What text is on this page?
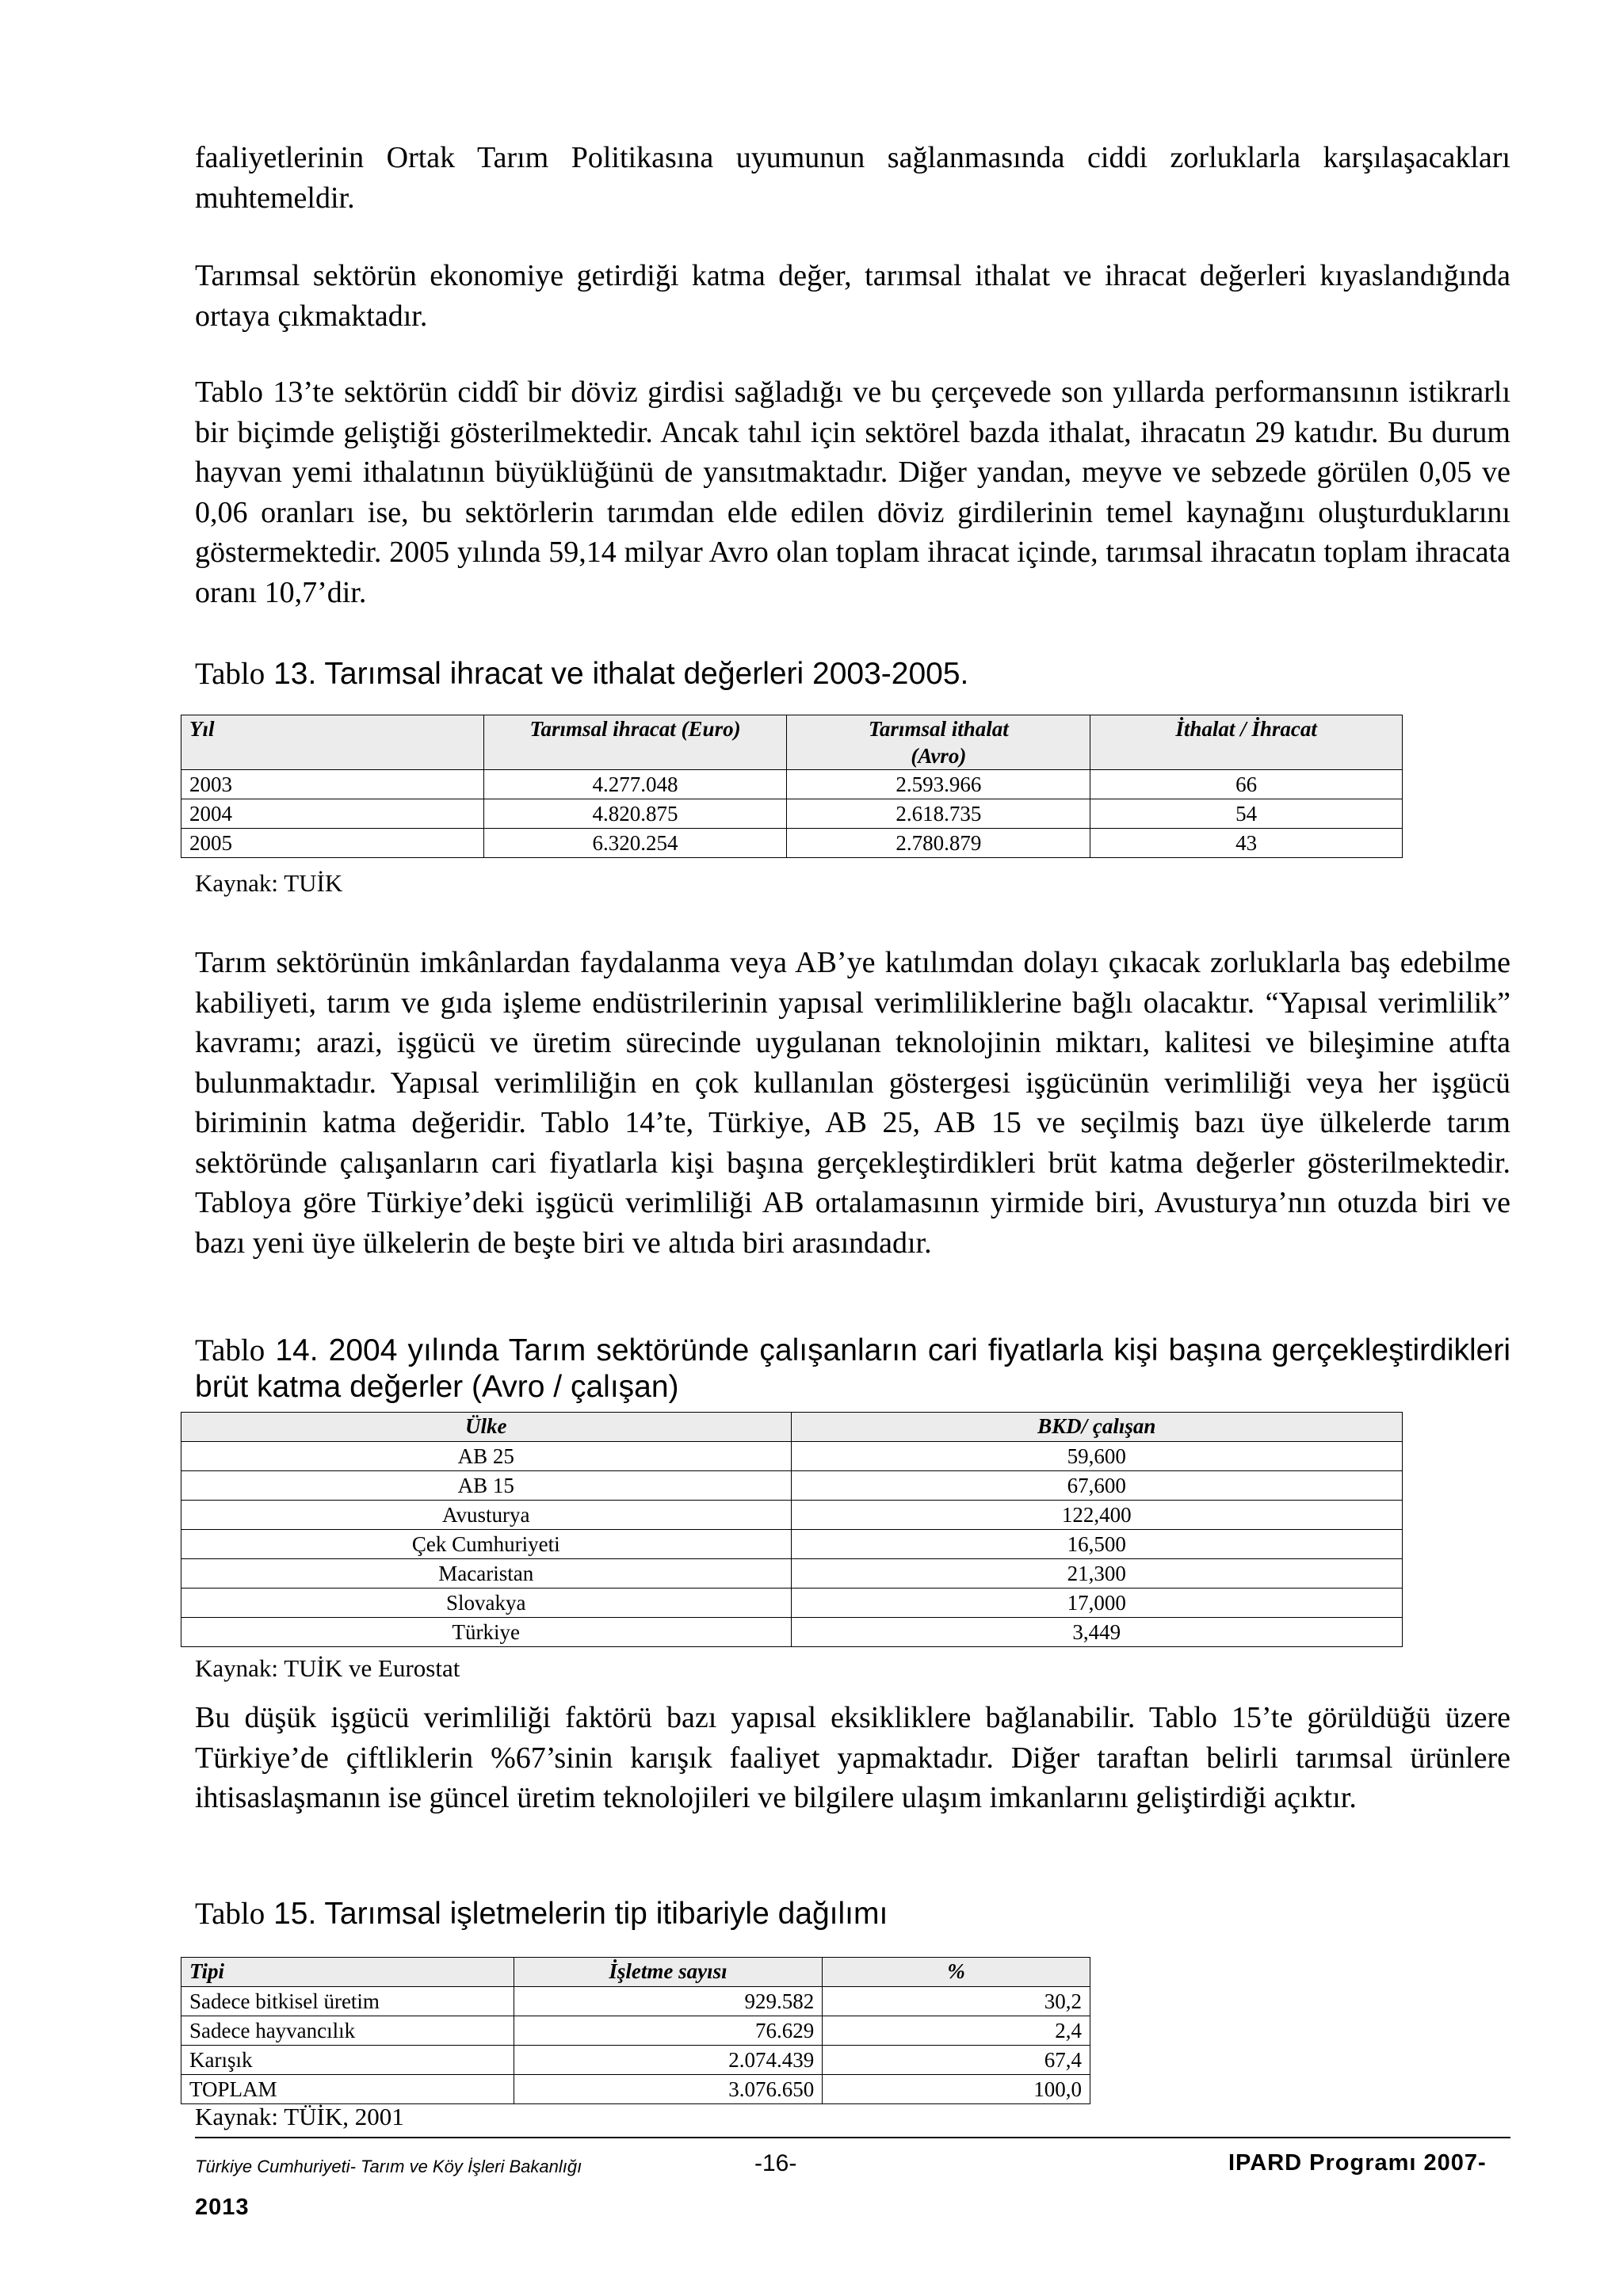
faaliyetlerinin Ortak Tarım Politikasına uyumunun sağlanmasında ciddi zorluklarla karşılaşacakları muhtemeldir.

Tarımsal sektörün ekonomiye getirdiği katma değer, tarımsal ithalat ve ihracat değerleri kıyaslandığında ortaya çıkmaktadır.

Tablo 13’te sektörün ciddî bir döviz girdisi sağladığı ve bu çerçevede son yıllarda performansının istikrarlı bir biçimde geliştiği gösterilmektedir. Ancak tahıl için sektörel bazda ithalat, ihracatın 29 katıdır. Bu durum hayvan yemi ithalatının büyüklüğünü de yansıtmaktadır. Diğer yandan, meyve ve sebzede görülen 0,05 ve 0,06 oranları ise, bu sektörlerin tarımdan elde edilen döviz girdilerinin temel kaynağını oluşturduklarını göstermektedir. 2005 yılında 59,14 milyar Avro olan toplam ihracat içinde, tarımsal ihracatın toplam ihracata oranı 10,7’dir.

Tablo 13. Tarımsal ihracat ve ithalat değerleri 2003-2005.

Yıl	Tarımsal ihracat (Euro)	Tarımsal ithalat (Avro)	İthalat / İhracat
2003	4.277.048	2.593.966	66
2004	4.820.875	2.618.735	54
2005	6.320.254	2.780.879	43

Kaynak: TUİK

Tarım sektörünün imkânlardan faydalanma veya AB’ye katılımdan dolayı çıkacak zorluklarla baş edebilme kabiliyeti, tarım ve gıda işleme endüstrilerinin yapısal verimliliklerine bağlı olacaktır. “Yapısal verimlilik” kavramı; arazi, işgücü ve üretim sürecinde uygulanan teknolojinin miktarı, kalitesi ve bileşimine atıfta bulunmaktadır. Yapısal verimliliğin en çok kullanılan göstergesi işgücünün verimliliği veya her işgücü biriminin katma değeridir. Tablo 14’te, Türkiye, AB 25, AB 15 ve seçilmiş bazı üye ülkelerde tarım sektöründe çalışanların cari fiyatlarla kişi başına gerçekleştirdikleri brüt katma değerler gösterilmektedir. Tabloya göre Türkiye’deki işgücü verimliliği AB ortalamasının yirmide biri, Avusturya’nın otuzda biri ve bazı yeni üye ülkelerin de beşte biri ve altıda biri arasındadır.

Tablo 14. 2004 yılında Tarım sektöründe çalışanların cari fiyatlarla kişi başına gerçekleştirdikleri brüt katma değerler (Avro / çalışan)

Ülke	BKD/ çalışan
AB 25	59,600
AB 15	67,600
Avusturya	122,400
Çek Cumhuriyeti	16,500
Macaristan	21,300
Slovakya	17,000
Türkiye	3,449

Kaynak: TUİK ve Eurostat

Bu düşük işgücü verimliliği faktörü bazı yapısal eksikliklere bağlanabilir. Tablo 15’te görüldüğü üzere Türkiye’de çiftliklerin %67’sinin karışık faaliyet yapmaktadır. Diğer taraftan belirli tarımsal ürünlere ihtisaslaşmanın ise güncel üretim teknolojileri ve bilgilere ulaşım imkanlarını geliştirdiği açıktır.

Tablo 15. Tarımsal işletmelerin tip itibariyle dağılımı

Tipi	İşletme sayısı	%
Sadece bitkisel üretim	929.582	30,2
Sadece hayvancılık	76.629	2,4
Karışık	2.074.439	67,4
TOPLAM	3.076.650	100,0

Kaynak: TÜİK, 2001

Türkiye Cumhuriyeti- Tarım ve Köy İşleri Bakanlığı	-16-	IPARD Programı 2007-
2013
